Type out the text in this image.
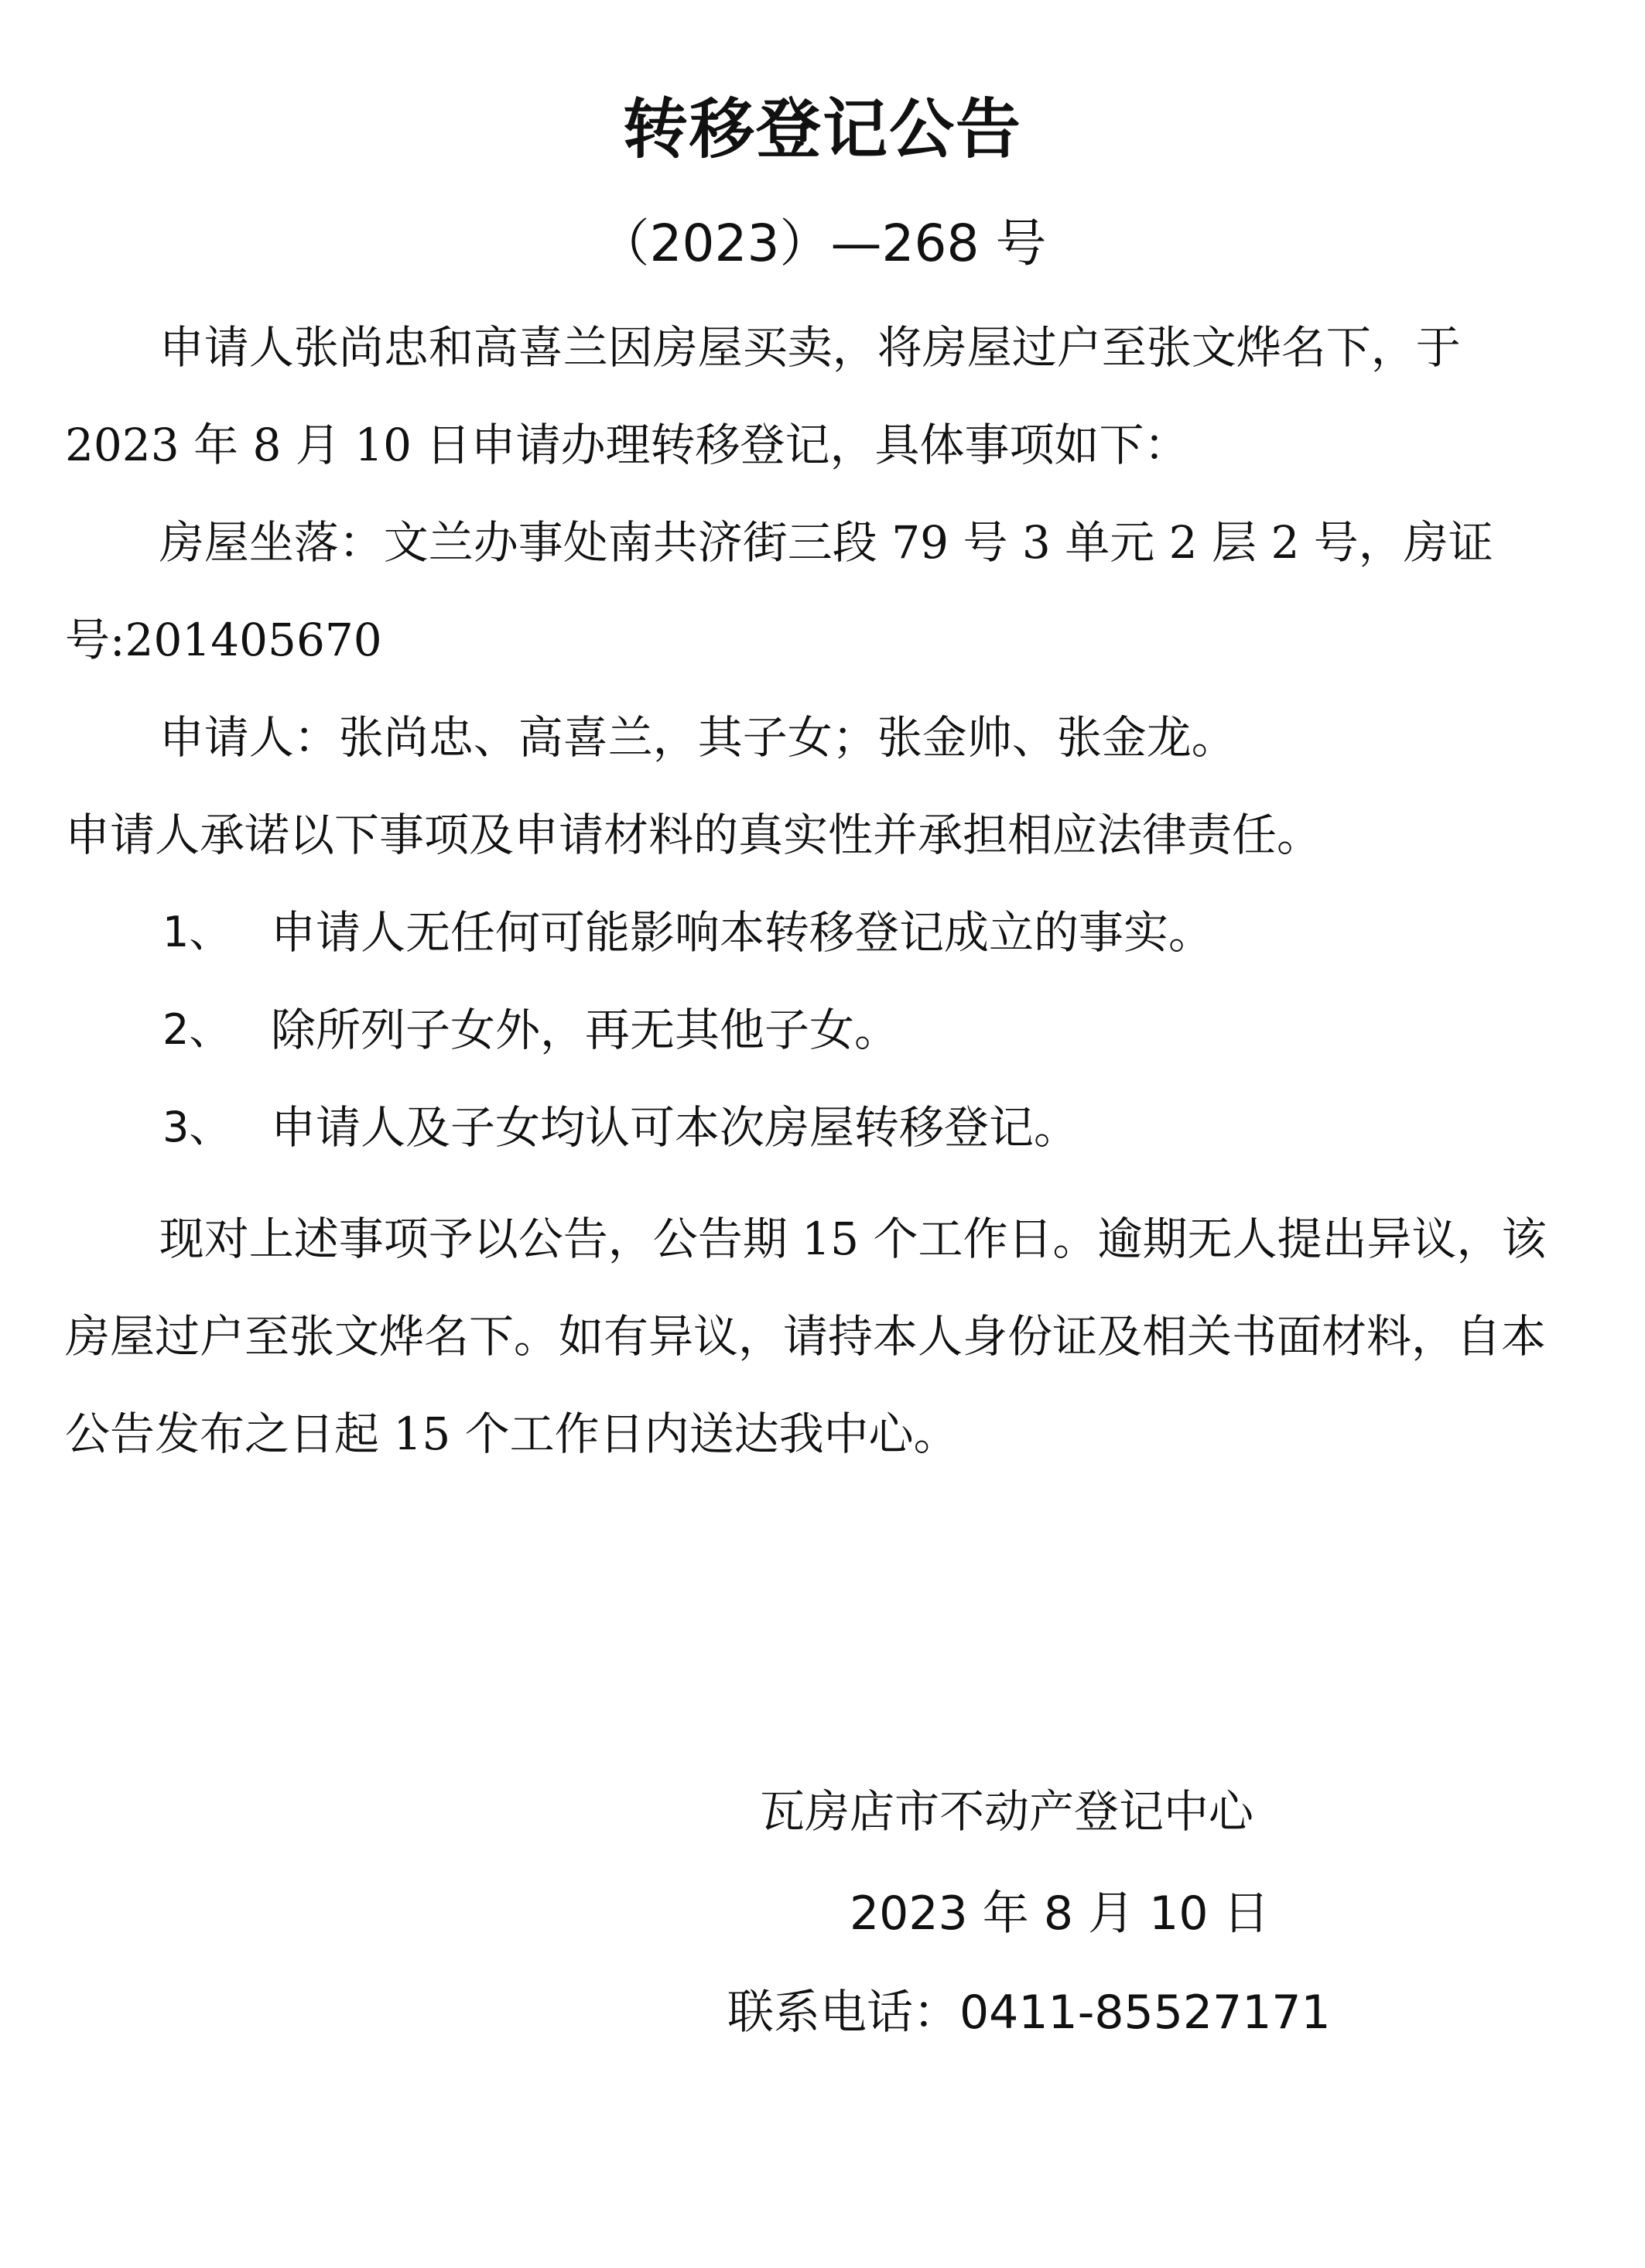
转移登记公告
（2023）—268 号

申请人张尚忠和高喜兰因房屋买卖，将房屋过户至张文烨名下，于 2023 年 8 月 10 日申请办理转移登记，具体事项如下：

房屋坐落：文兰办事处南共济街三段 79 号 3 单元 2 层 2 号，房证号:201405670

申请人：张尚忠、高喜兰，其子女；张金帅、张金龙。

申请人承诺以下事项及申请材料的真实性并承担相应法律责任。

1、 申请人无任何可能影响本转移登记成立的事实。
2、 除所列子女外，再无其他子女。
3、 申请人及子女均认可本次房屋转移登记。

现对上述事项予以公告，公告期 15 个工作日。逾期无人提出异议，该房屋过户至张文烨名下。如有异议，请持本人身份证及相关书面材料，自本公告发布之日起 15 个工作日内送达我中心。

瓦房店市不动产登记中心
2023 年 8 月 10 日
联系电话：0411-85527171
